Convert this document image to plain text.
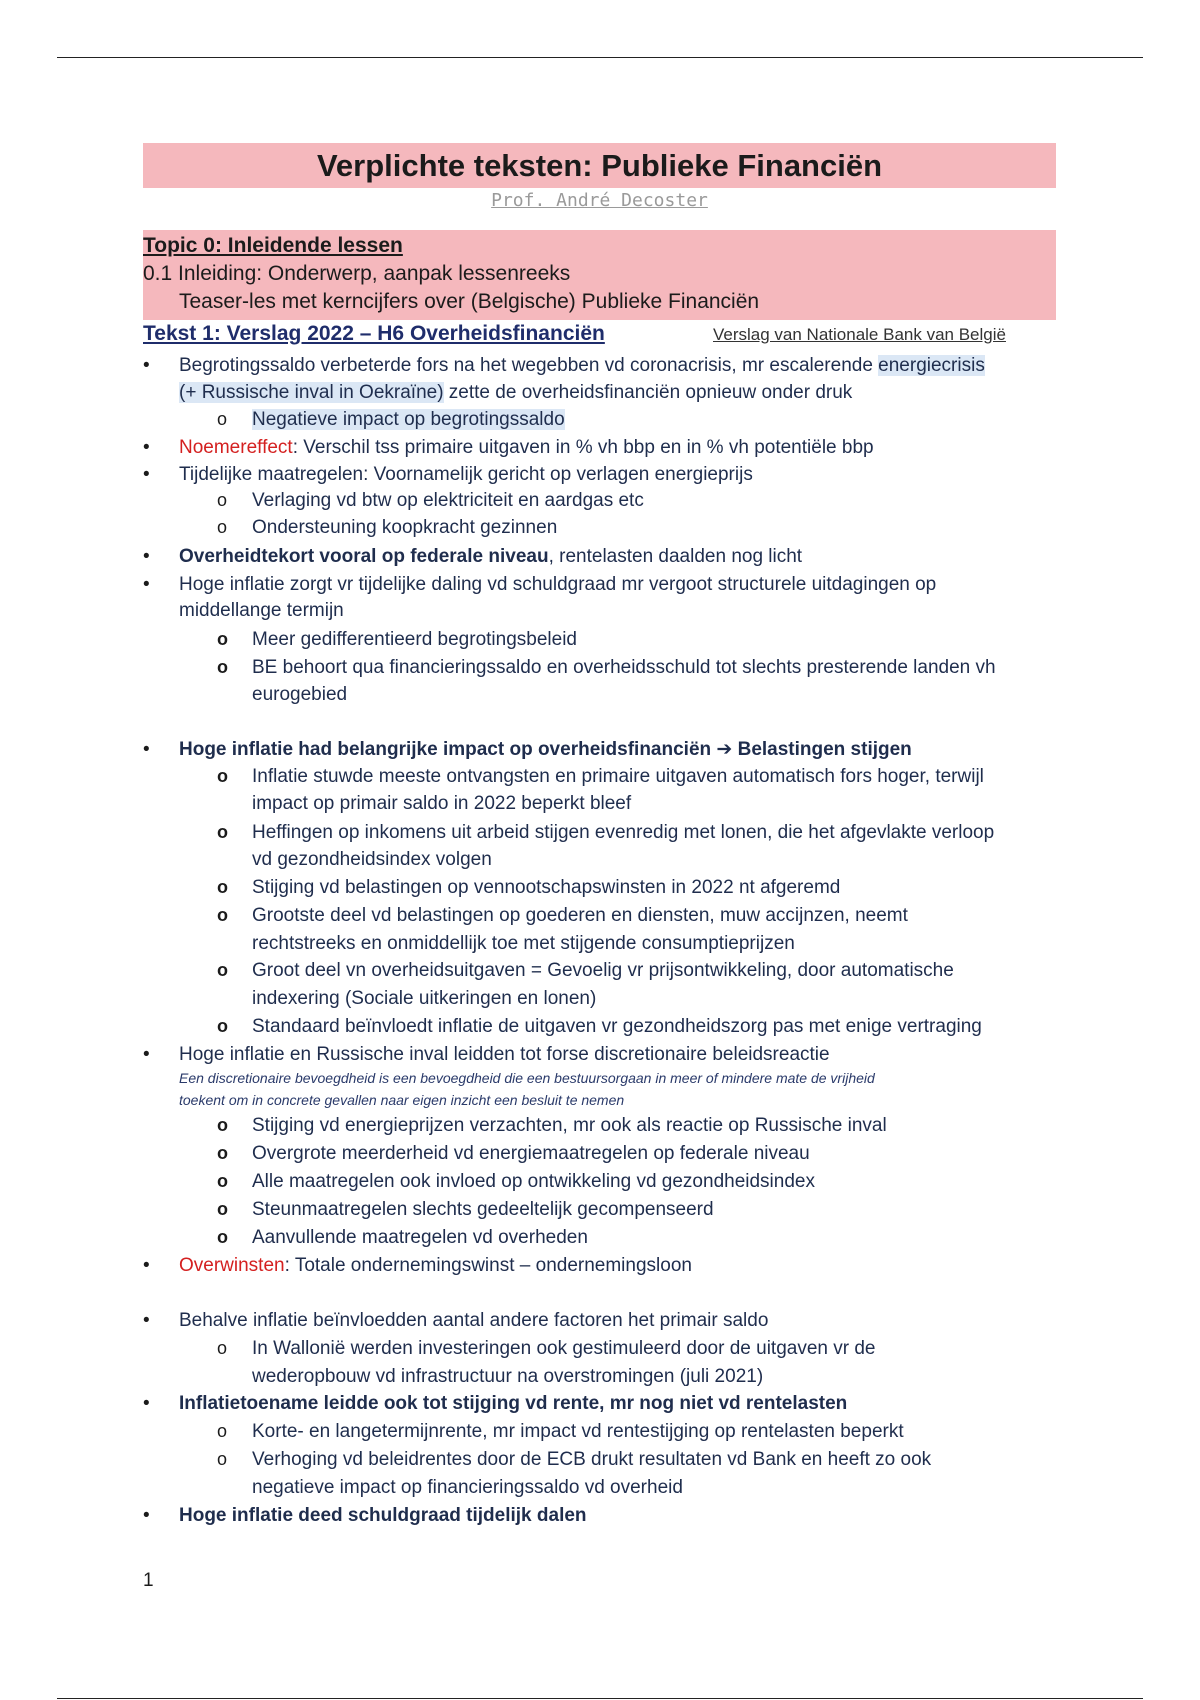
Verplichte teksten: Publieke Financiën
Prof. André Decoster
Topic 0: Inleidende lessen
0.1 Inleiding: Onderwerp, aanpak lessenreeks
Teaser-les met kerncijfers over (Belgische) Publieke Financiën
Tekst 1: Verslag 2022 – H6 Overheidsfinanciën	Verslag van Nationale Bank van België
•	Begrotingssaldo verbeterde fors na het wegebben vd coronacrisis, mr escalerende energiecrisis
(+ Russische inval in Oekraïne) zette de overheidsfinanciën opnieuw onder druk
o Negatieve impact op begrotingssaldo
•	Noemereffect: Verschil tss primaire uitgaven in % vh bbp en in % vh potentiële bbp
•	Tijdelijke maatregelen: Voornamelijk gericht op verlagen energieprijs
o Verlaging vd btw op elektriciteit en aardgas etc
o Ondersteuning koopkracht gezinnen
•	Overheidtekort vooral op federale niveau, rentelasten daalden nog licht
•	Hoge inflatie zorgt vr tijdelijke daling vd schuldgraad mr vergoot structurele uitdagingen op
middellange termijn
o Meer gedifferentieerd begrotingsbeleid
o BE behoort qua financieringssaldo en overheidsschuld tot slechts presterende landen vh
eurogebied
•	Hoge inflatie had belangrijke impact op overheidsfinanciën ➔ Belastingen stijgen
o Inflatie stuwde meeste ontvangsten en primaire uitgaven automatisch fors hoger, terwijl
impact op primair saldo in 2022 beperkt bleef
o Heffingen op inkomens uit arbeid stijgen evenredig met lonen, die het afgevlakte verloop
vd gezondheidsindex volgen
o Stijging vd belastingen op vennootschapswinsten in 2022 nt afgeremd
o Grootste deel vd belastingen op goederen en diensten, muw accijnzen, neemt
rechtstreeks en onmiddellijk toe met stijgende consumptieprijzen
o Groot deel vn overheidsuitgaven = Gevoelig vr prijsontwikkeling, door automatische
indexering (Sociale uitkeringen en lonen)
o Standaard beïnvloedt inflatie de uitgaven vr gezondheidszorg pas met enige vertraging
•	Hoge inflatie en Russische inval leidden tot forse discretionaire beleidsreactie
Een discretionaire bevoegdheid is een bevoegdheid die een bestuursorgaan in meer of mindere mate de vrijheid
toekent om in concrete gevallen naar eigen inzicht een besluit te nemen
o Stijging vd energieprijzen verzachten, mr ook als reactie op Russische inval
o Overgrote meerderheid vd energiemaatregelen op federale niveau
o Alle maatregelen ook invloed op ontwikkeling vd gezondheidsindex
o Steunmaatregelen slechts gedeeltelijk gecompenseerd
o Aanvullende maatregelen vd overheden
•	Overwinsten: Totale ondernemingswinst – ondernemingsloon
•	Behalve inflatie beïnvloedden aantal andere factoren het primair saldo
o In Wallonië werden investeringen ook gestimuleerd door de uitgaven vr de
wederopbouw vd infrastructuur na overstromingen (juli 2021)
•	Inflatietoename leidde ook tot stijging vd rente, mr nog niet vd rentelasten
o Korte- en langetermijnrente, mr impact vd rentestijging op rentelasten beperkt
o Verhoging vd beleidrentes door de ECB drukt resultaten vd Bank en heeft zo ook
negatieve impact op financieringssaldo vd overheid
•	Hoge inflatie deed schuldgraad tijdelijk dalen
1
